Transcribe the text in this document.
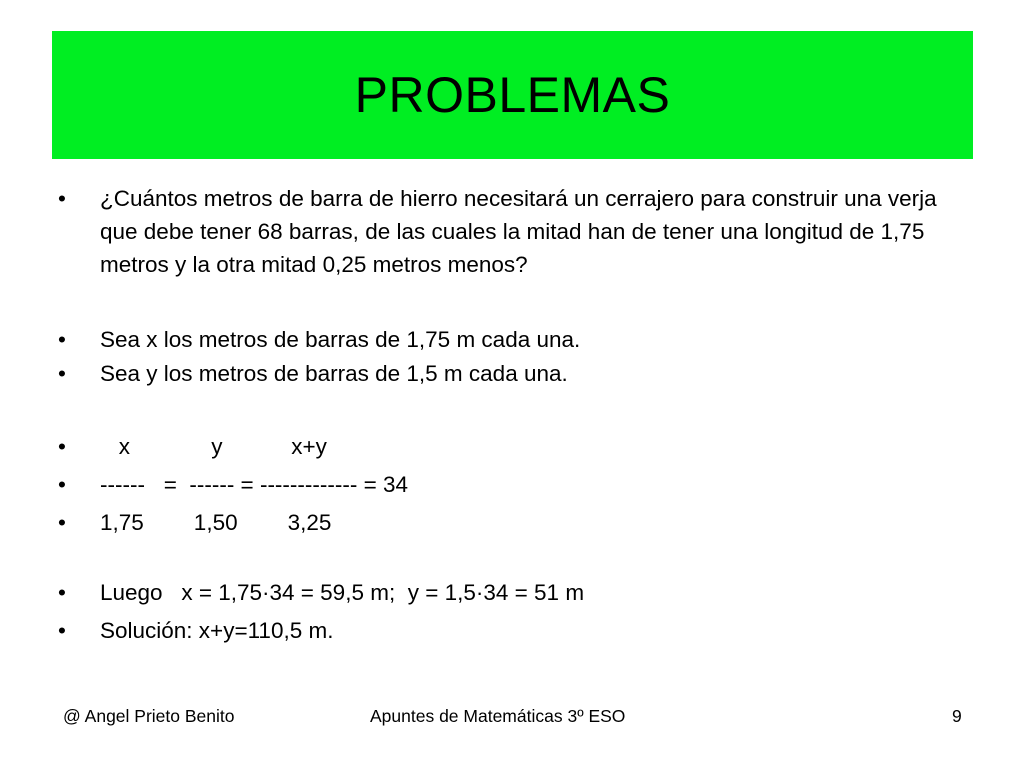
PROBLEMAS
•	¿Cuántos metros de barra de hierro necesitará un cerrajero para construir una verja que debe tener 68 barras, de las cuales la mitad han de tener una longitud de 1,75 metros y la otra mitad 0,25 metros menos?
•	Sea x los metros de barras de 1,75 m cada una.
•	Sea y los metros de barras de 1,5 m cada una.
•	x             y           x+y
•	------   =  ------ = ------------- = 34
•	1,75        1,50        3,25
•	Luego   x = 1,75·34 = 59,5 m;  y = 1,5·34 = 51 m
•	Solución: x+y=110,5 m.
@ Angel Prieto Benito	Apuntes de Matemáticas 3º ESO	9
